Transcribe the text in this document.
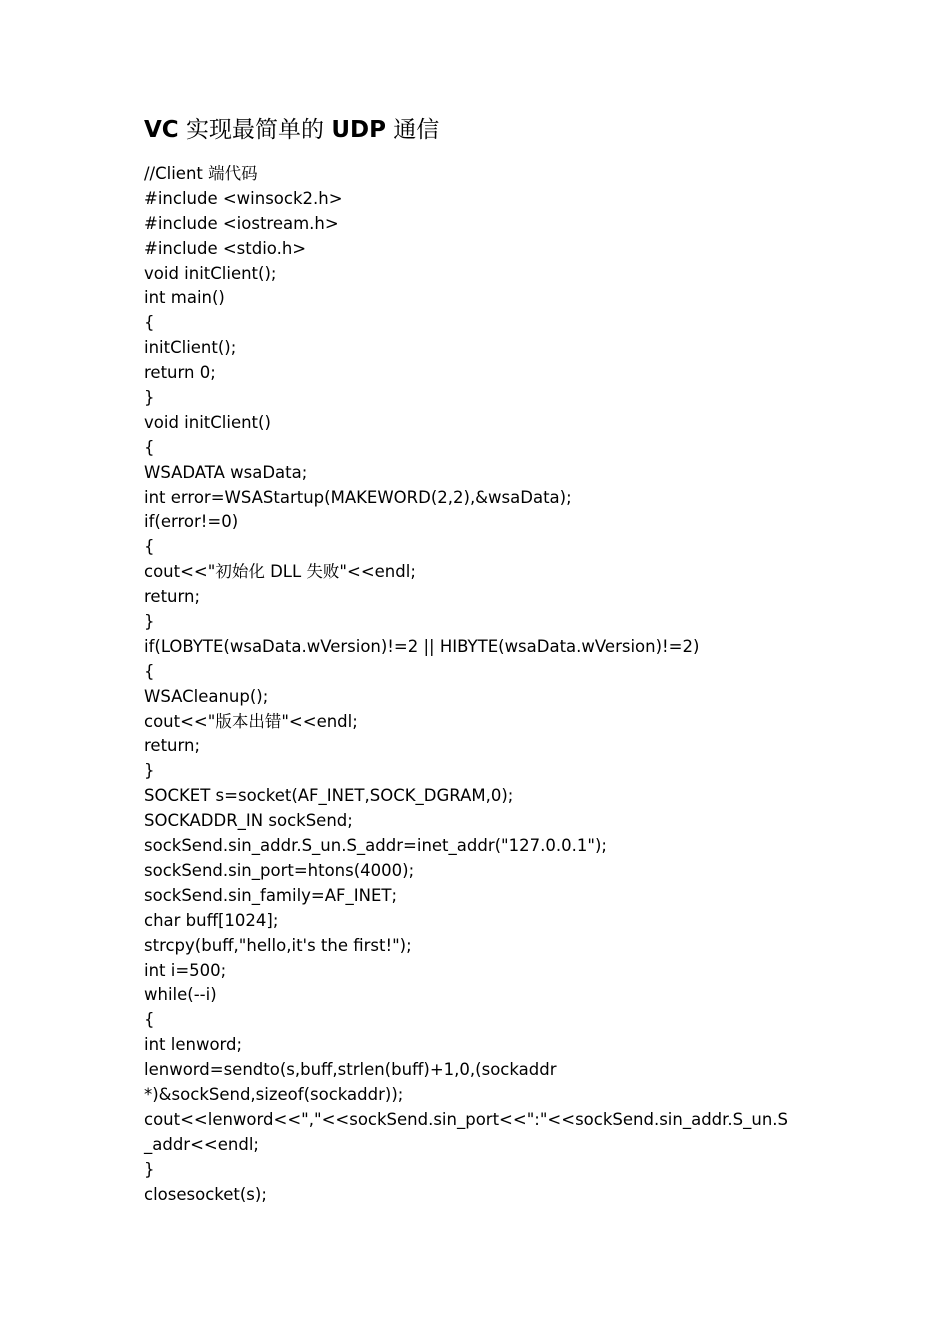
VC 实现最简单的 UDP 通信
//Client 端代码
#include <winsock2.h>
#include <iostream.h>
#include <stdio.h>
void initClient();
int main()
{
initClient();
return 0;
}
void initClient()
{
WSADATA wsaData;
int error=WSAStartup(MAKEWORD(2,2),&wsaData);
if(error!=0)
{
cout<<"初始化 DLL 失败"<<endl;
return;
}
if(LOBYTE(wsaData.wVersion)!=2 || HIBYTE(wsaData.wVersion)!=2)
{
WSACleanup();
cout<<"版本出错"<<endl;
return;
}
SOCKET s=socket(AF_INET,SOCK_DGRAM,0);
SOCKADDR_IN sockSend;
sockSend.sin_addr.S_un.S_addr=inet_addr("127.0.0.1");
sockSend.sin_port=htons(4000);
sockSend.sin_family=AF_INET;
char buff[1024];
strcpy(buff,"hello,it's the first!");
int i=500;
while(--i)
{
int lenword;
lenword=sendto(s,buff,strlen(buff)+1,0,(sockaddr
*)&sockSend,sizeof(sockaddr));
cout<<lenword<<","<<sockSend.sin_port<<":"<<sockSend.sin_addr.S_un.S
_addr<<endl;
}
closesocket(s);
